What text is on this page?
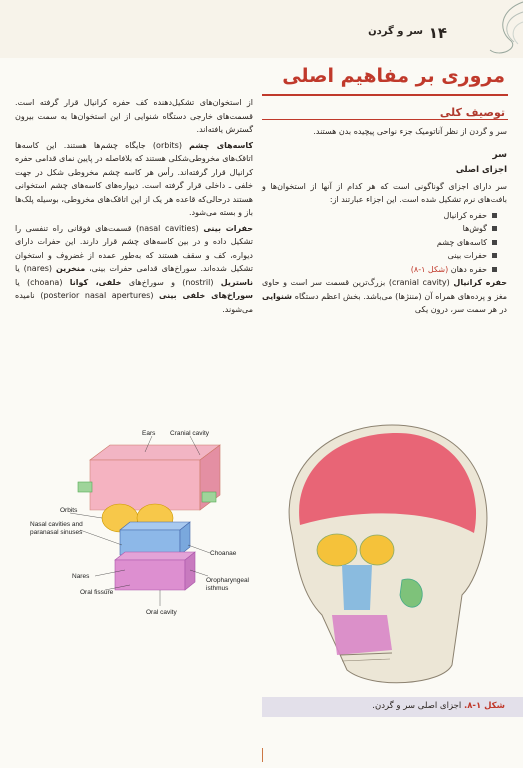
۱۴
سر و گردن
مروری بر مفاهیم اصلی
توصیف کلی

سر و گردن از نظر آناتومیک جزء نواحی پیچیده بدن هستند.

سر
اجزای اصلی

سر دارای اجزای گوناگونی است که هر کدام از آنها از استخوان‌ها و بافت‌های نرم تشکیل شده است. این اجزاء عبارتند از:

حفره کرانیال
گوش‌ها
کاسه‌های چشم
حفرات بینی
حفره دهان (شکل ۱-۸)

حفره کرانیال (cranial cavity) بزرگ‌ترین قسمت سر است و حاوی مغز و پرده‌های همراه آن (مننژها) می‌باشد. بخش اعظم دستگاه شنوایی در هر سمت سر، درون یکی

از استخوان‌های تشکیل‌دهنده کف حفره کرانیال قرار گرفته است. قسمت‌های خارجی دستگاه شنوایی از این استخوان‌ها به سمت بیرون گسترش یافته‌اند.

کاسه‌های چشم (orbits) جایگاه چشم‌ها هستند. این کاسه‌ها اتاقک‌های مخروطی‌شکلی هستند که بلافاصله در پایین نمای قدامی حفره کرانیال قرار گرفته‌اند. رأس هر کاسه چشم مخروطی شکل در جهت خلفی ـ داخلی قرار گرفته است. دیواره‌های کاسه‌های چشم استخوانی هستند درحالی‌که قاعده هر یک از این اتاقک‌های مخروطی، بوسیله پلک‌ها باز و بسته می‌شود.

حفرات بینی (nasal cavities) قسمت‌های فوقانی راه تنفسی را تشکیل داده و در بین کاسه‌های چشم قرار دارند. این حفرات دارای دیواره، کف و سقف هستند که به‌طور عمده از غضروف و استخوان تشکیل شده‌اند. سوراخ‌های قدامی حفرات بینی، منخرین (nares) یا ناستریل (nostril) و سوراخ‌های خلفی، کوانا (choana) یا سوراخ‌های خلفی بینی (posterior nasal apertures) نامیده می‌شوند.

Ears Cranial cavity
Orbits
Nasal cavities and
paranasal sinuses
Choanae
Nares
Oral fissure
Oropharyngeal
isthmus
Oral cavity
شکل ۱-۸. اجزای اصلی سر و گردن.
